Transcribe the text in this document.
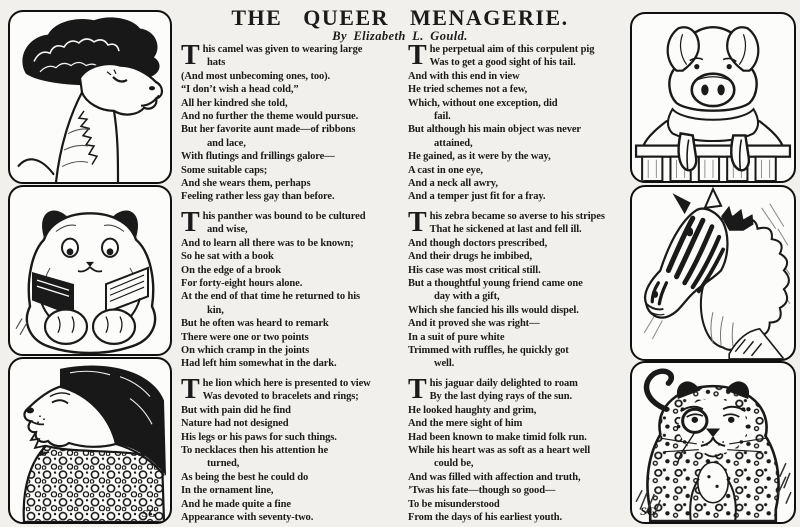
THE QUEER MENAGERIE.
By Elizabeth L. Gould.
SG	SG
T his camel was given to wearing large
hats
(And most unbecoming ones, too).
“I don’t wish a head cold,”
All her kindred she told,
And no further the theme would pursue.
But her favorite aunt made—of ribbons
and lace,
With flutings and frillings galore—
Some suitable caps;
And she wears them, perhaps
Feeling rather less gay than before.
T his panther was bound to be cultured
and wise,
And to learn all there was to be known;
So he sat with a book
On the edge of a brook
For forty-eight hours alone.
At the end of that time he returned to his
kin,
But he often was heard to remark
There were one or two points
On which cramp in the joints
Had left him somewhat in the dark.
T he lion which here is presented to view
Was devoted to bracelets and rings;
But with pain did he find
Nature had not designed
His legs or his paws for such things.
To necklaces then his attention he
turned,
As being the best he could do
In the ornament line,
And he made quite a fine
Appearance with seventy-two.
T he perpetual aim of this corpulent pig
Was to get a good sight of his tail.
And with this end in view
He tried schemes not a few,
Which, without one exception, did
fail.
But although his main object was never
attained,
He gained, as it were by the way,
A cast in one eye,
And a neck all awry,
And a temper just fit for a fray.
T his zebra became so averse to his stripes
That he sickened at last and fell ill.
And though doctors prescribed,
And their drugs he imbibed,
His case was most critical still.
But a thoughtful young friend came one
day with a gift,
Which she fancied his ills would dispel.
And it proved she was right—
In a suit of pure white
Trimmed with ruffles, he quickly got
well.
T his jaguar daily delighted to roam
By the last dying rays of the sun.
He looked haughty and grim,
And the mere sight of him
Had been known to make timid folk run.
While his heart was as soft as a heart well
could be,
And was filled with affection and truth,
’Twas his fate—though so good—
To be misunderstood
From the days of his earliest youth.
